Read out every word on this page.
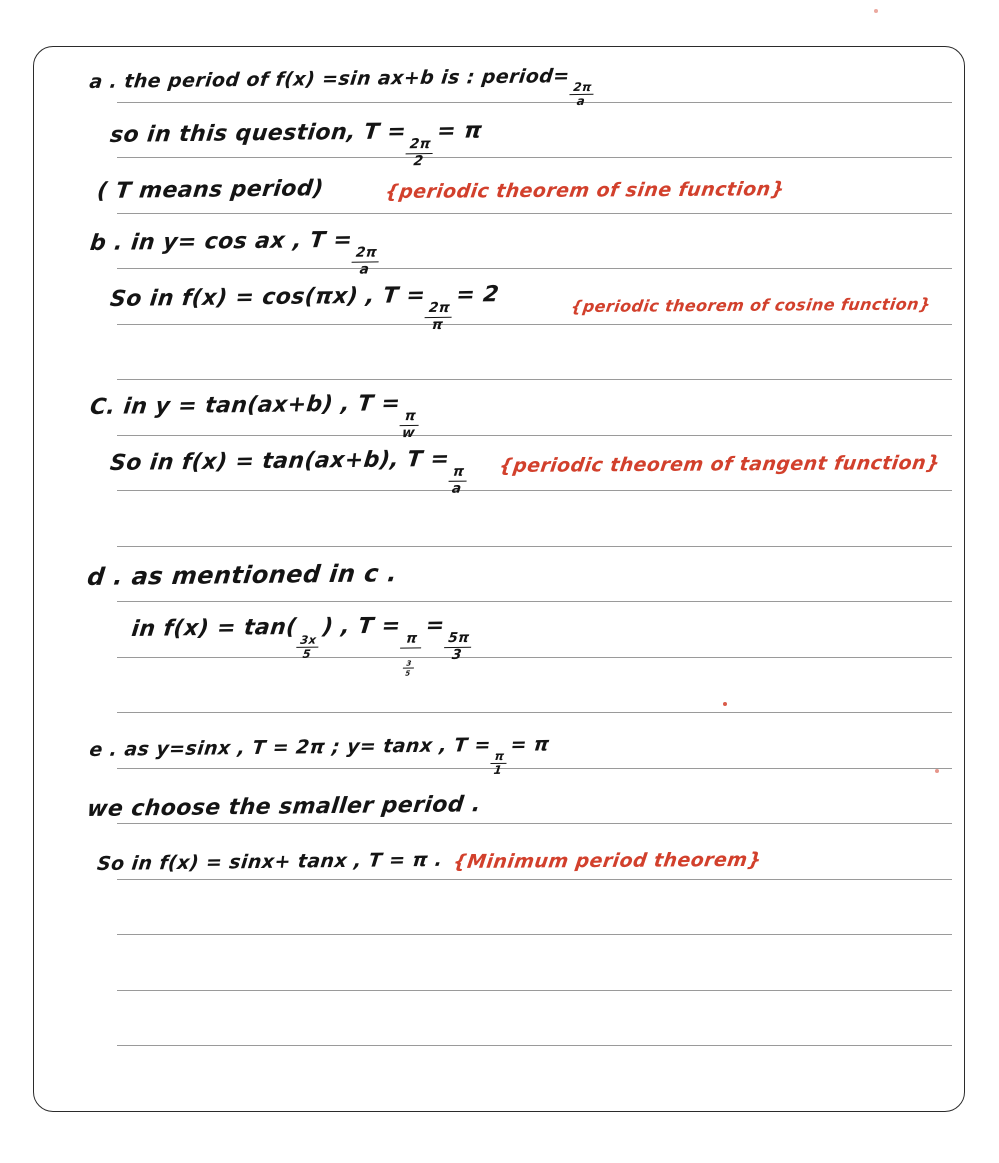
a . the period of f(x) =sin ax+b is : period=
$\frac{2\pi}{a}$
so in this question, T =
$\frac{2\pi}{2}$
= π
( T means period)	{periodic theorem of sine function}
b . in y= cos ax , T =
$\frac{2\pi}{a}$
So in f(x) = cos(πx) , T =
$\frac{2\pi}{\pi}$
= 2	{periodic theorem of cosine function}
C. in y = tan(ax+b) , T =
$\frac{\pi}{w}$
So in f(x) = tan(ax+b), T =
$\frac{\pi}{a}$
{periodic theorem of tangent function}
d . as mentioned in c .
in f(x) = tan(
$\frac{3x}{5}$
) , T =
$\frac{\pi}{\frac{3}{5}}$
=
$\frac{5\pi}{3}$
e . as y=sinx , T = 2π ; y= tanx , T =
$\frac{\pi}{1}$
= π
we choose the smaller period .
So in f(x) = sinx+ tanx , T = π . {Minimum period theorem}
